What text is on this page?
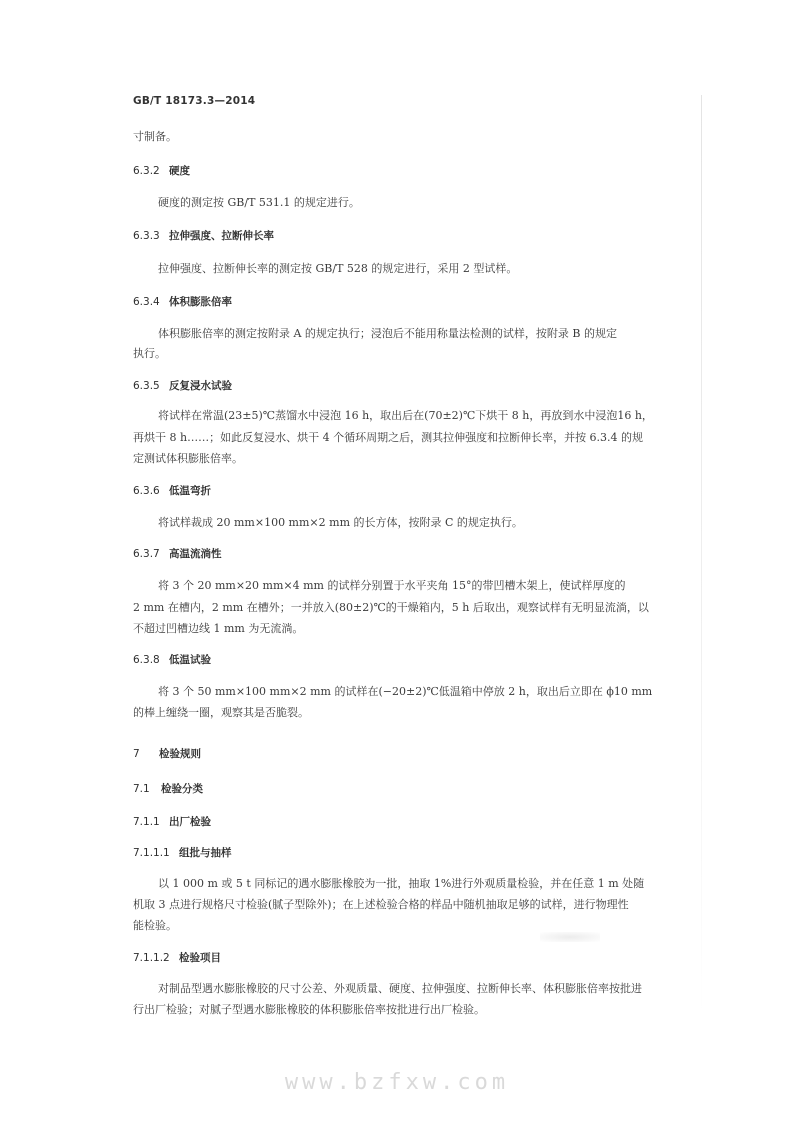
GB/T 18173.3—2014
寸制备。
6.3.2 硬度
硬度的测定按 GB/T 531.1 的规定进行。
6.3.3 拉伸强度、拉断伸长率
拉伸强度、拉断伸长率的测定按 GB/T 528 的规定进行，采用 2 型试样。
6.3.4 体积膨胀倍率
体积膨胀倍率的测定按附录 A 的规定执行；浸泡后不能用称量法检测的试样，按附录 B 的规定
执行。
6.3.5 反复浸水试验
将试样在常温(23±5)℃蒸馏水中浸泡 16 h，取出后在(70±2)℃下烘干 8 h，再放到水中浸泡16 h，
再烘干 8 h……；如此反复浸水、烘干 4 个循环周期之后，测其拉伸强度和拉断伸长率，并按 6.3.4 的规
定测试体积膨胀倍率。
6.3.6 低温弯折
将试样裁成 20 mm×100 mm×2 mm 的长方体，按附录 C 的规定执行。
6.3.7 高温流淌性
将 3 个 20 mm×20 mm×4 mm 的试样分别置于水平夹角 15°的带凹槽木架上，使试样厚度的
2 mm 在槽内，2 mm 在槽外；一并放入(80±2)℃的干燥箱内，5 h 后取出，观察试样有无明显流淌，以
不超过凹槽边线 1 mm 为无流淌。
6.3.8 低温试验
将 3 个 50 mm×100 mm×2 mm 的试样在(−20±2)℃低温箱中停放 2 h，取出后立即在 ϕ10 mm
的棒上缠绕一圈，观察其是否脆裂。
7 检验规则
7.1 检验分类
7.1.1 出厂检验
7.1.1.1 组批与抽样
以 1 000 m 或 5 t 同标记的遇水膨胀橡胶为一批，抽取 1%进行外观质量检验，并在任意 1 m 处随
机取 3 点进行规格尺寸检验(腻子型除外)；在上述检验合格的样品中随机抽取足够的试样，进行物理性
能检验。
7.1.1.2 检验项目
对制品型遇水膨胀橡胶的尺寸公差、外观质量、硬度、拉伸强度、拉断伸长率、体积膨胀倍率按批进
行出厂检验；对腻子型遇水膨胀橡胶的体积膨胀倍率按批进行出厂检验。
www.bzfxw.com
